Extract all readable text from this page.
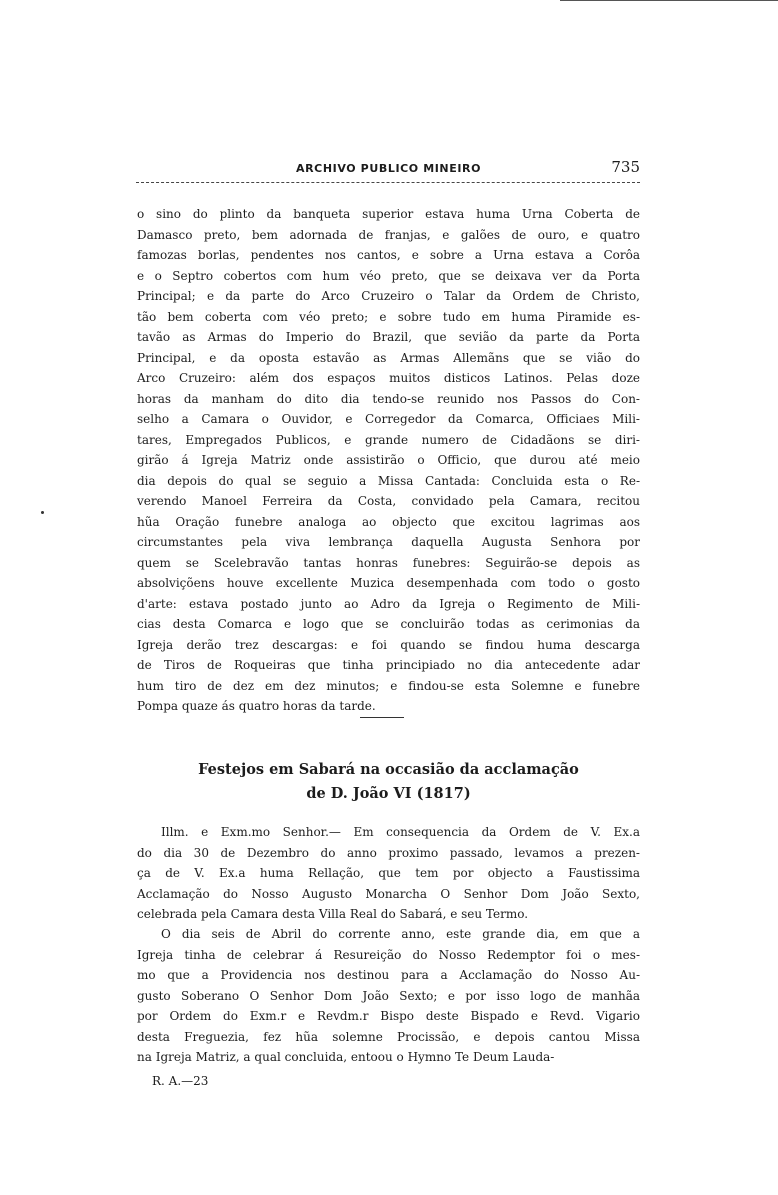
ARCHIVO PUBLICO MINEIRO	735
o sino do plinto da banqueta superior estava huma Urna Coberta de
Damasco preto, bem adornada de franjas, e galões de ouro, e quatro
famozas borlas, pendentes nos cantos, e sobre a Urna estava a Corôa
e o Septro cobertos com hum véo preto, que se deixava ver da Porta
Principal; e da parte do Arco Cruzeiro o Talar da Ordem de Christo,
tão bem coberta com véo preto; e sobre tudo em huma Piramide es-
tavão as Armas do Imperio do Brazil, que sevião da parte da Porta
Principal, e da oposta estavão as Armas Allemãns que se vião do
Arco Cruzeiro: além dos espaços muitos disticos Latinos. Pelas doze
horas da manham do dito dia tendo-se reunido nos Passos do Con-
selho a Camara o Ouvidor, e Corregedor da Comarca, Officiaes Mili-
tares, Empregados Publicos, e grande numero de Cidadãons se diri-
girão á Igreja Matriz onde assistirão o Officio, que durou até meio
dia depois do qual se seguio a Missa Cantada: Concluida esta o Re-
verendo Manoel Ferreira da Costa, convidado pela Camara, recitou
hũa Oração funebre analoga ao objecto que excitou lagrimas aos
circumstantes pela viva lembrança daquella Augusta Senhora por
quem se Scelebravão tantas honras funebres: Seguirão-se depois as
absolviçõens houve excellente Muzica desempenhada com todo o gosto
d'arte: estava postado junto ao Adro da Igreja o Regimento de Mili-
cias desta Comarca e logo que se concluirão todas as cerimonias da
Igreja derão trez descargas: e foi quando se findou huma descarga
de Tiros de Roqueiras que tinha principiado no dia antecedente adar
hum tiro de dez em dez minutos; e findou-se esta Solemne e funebre
Pompa quaze ás quatro horas da tarde.
Festejos em Sabará na occasião da acclamação
de D. João VI (1817)
Illm. e Exm.mo Senhor.— Em consequencia da Ordem de V. Ex.a
do dia 30 de Dezembro do anno proximo passado, levamos a prezen-
ça de V. Ex.a huma Rellação, que tem por objecto a Faustissima
Acclamação do Nosso Augusto Monarcha O Senhor Dom João Sexto,
celebrada pela Camara desta Villa Real do Sabará, e seu Termo.
O dia seis de Abril do corrente anno, este grande dia, em que a
Igreja tinha de celebrar á Resureição do Nosso Redemptor foi o mes-
mo que a Providencia nos destinou para a Acclamação do Nosso Au-
gusto Soberano O Senhor Dom João Sexto; e por isso logo de manhãa
por Ordem do Exm.r e Revdm.r Bispo deste Bispado e Revd. Vigario
desta Freguezia, fez hũa solemne Procissão, e depois cantou Missa
na Igreja Matriz, a qual concluida, entoou o Hymno Te Deum Lauda-
R. A.—23
